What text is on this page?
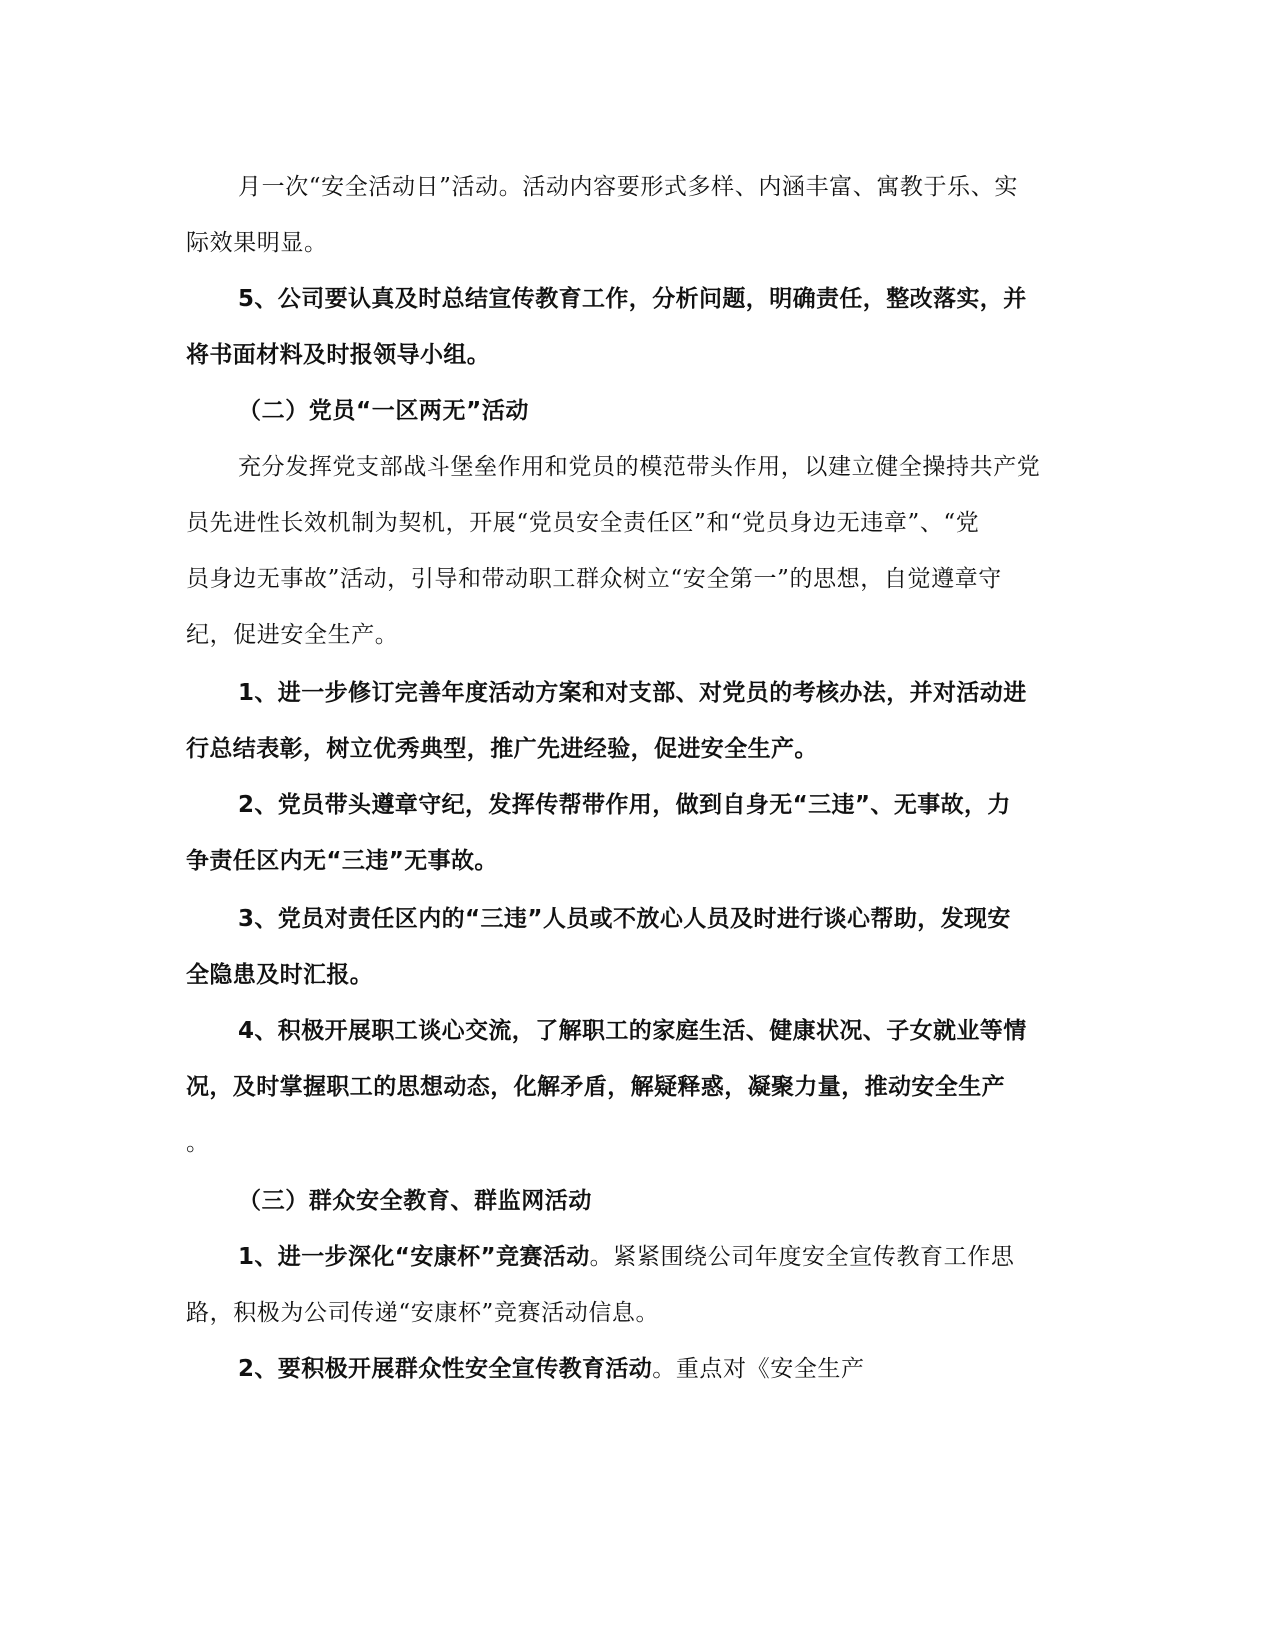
月一次“安全活动日”活动。活动内容要形式多样、内涵丰富、寓教于乐、实
际效果明显。
5、公司要认真及时总结宣传教育工作，分析问题，明确责任，整改落实，并
将书面材料及时报领导小组。
（二）党员“一区两无”活动
充分发挥党支部战斗堡垒作用和党员的模范带头作用，以建立健全操持共产党
员先进性长效机制为契机，开展“党员安全责任区”和“党员身边无违章”、“党
员身边无事故”活动，引导和带动职工群众树立“安全第一”的思想，自觉遵章守
纪，促进安全生产。
1、进一步修订完善年度活动方案和对支部、对党员的考核办法，并对活动进
行总结表彰，树立优秀典型，推广先进经验，促进安全生产。
2、党员带头遵章守纪，发挥传帮带作用，做到自身无“三违”、无事故，力
争责任区内无“三违”无事故。
3、党员对责任区内的“三违”人员或不放心人员及时进行谈心帮助，发现安
全隐患及时汇报。
4、积极开展职工谈心交流，了解职工的家庭生活、健康状况、子女就业等情
况，及时掌握职工的思想动态，化解矛盾，解疑释惑，凝聚力量，推动安全生产
。
（三）群众安全教育、群监网活动
1、进一步深化“安康杯”竞赛活动。紧紧围绕公司年度安全宣传教育工作思
路，积极为公司传递“安康杯”竞赛活动信息。
2、要积极开展群众性安全宣传教育活动。重点对《安全生产
